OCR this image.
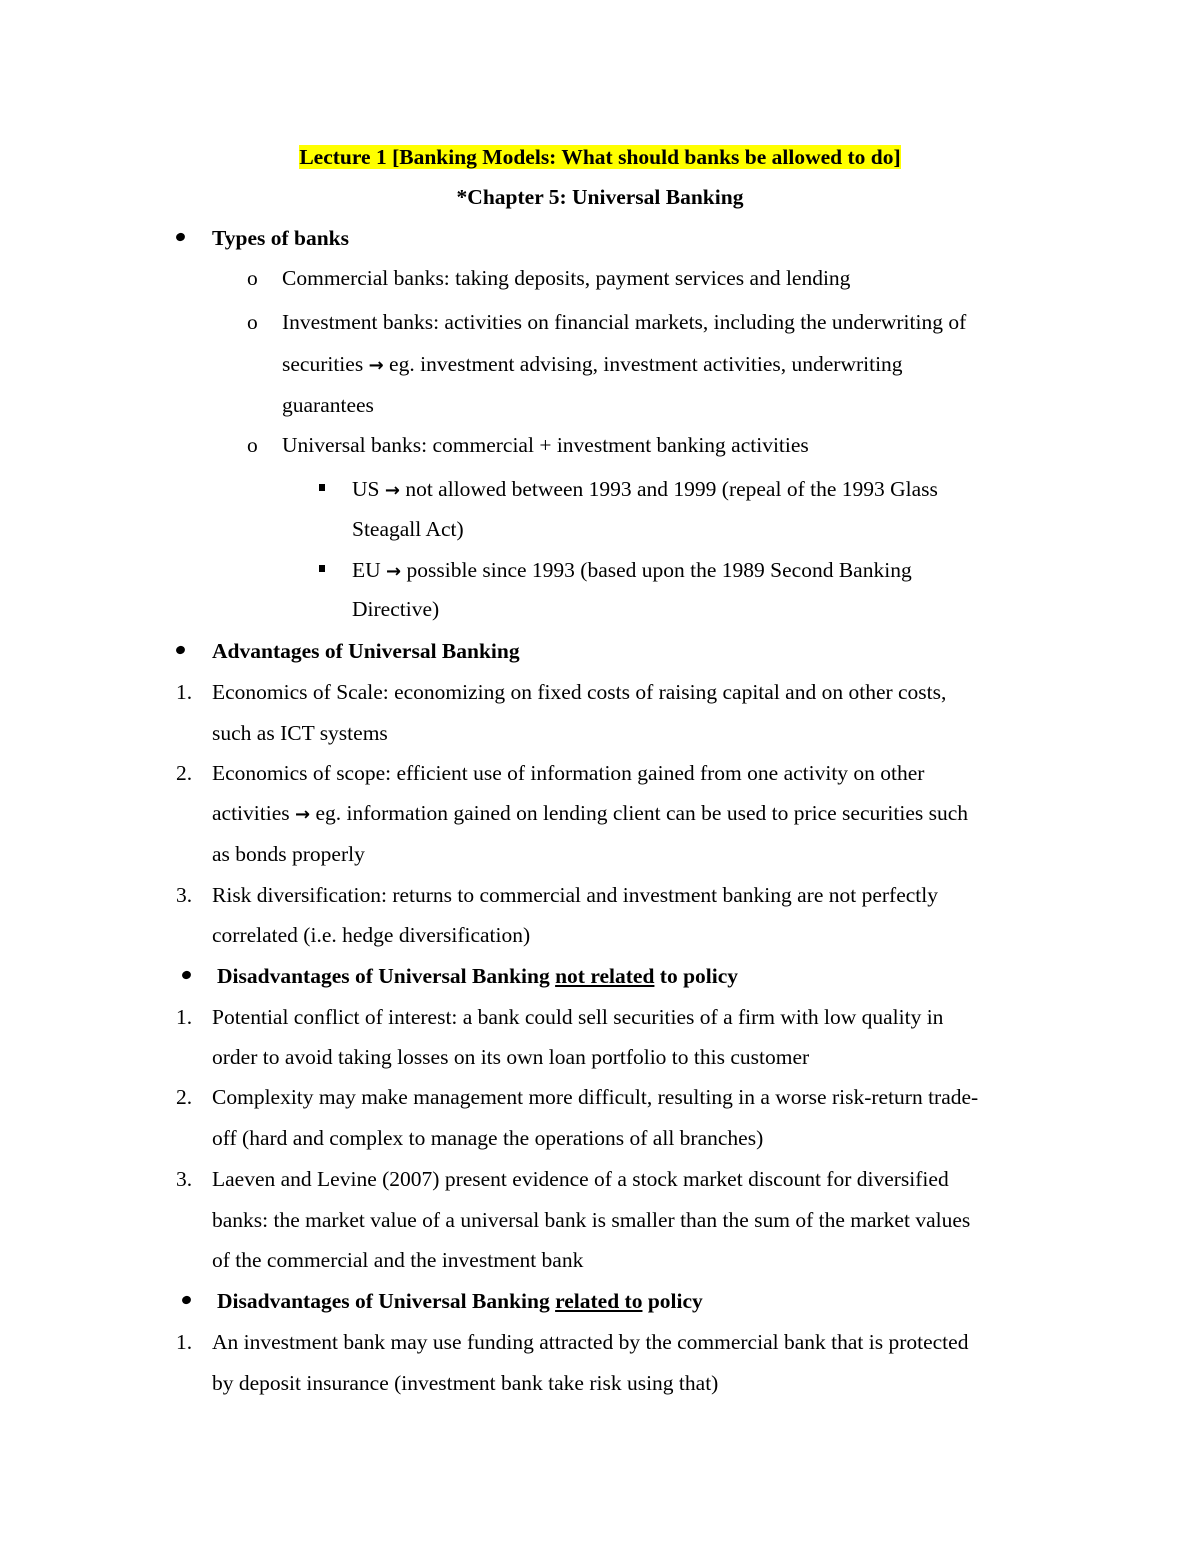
Lecture 1 [Banking Models: What should banks be allowed to do]
*Chapter 5: Universal Banking
Types of banks
o Commercial banks: taking deposits, payment services and lending
o Investment banks: activities on financial markets, including the underwriting of
securities → eg. investment advising, investment activities, underwriting
guarantees
o Universal banks: commercial + investment banking activities
US → not allowed between 1993 and 1999 (repeal of the 1993 Glass
Steagall Act)
EU → possible since 1993 (based upon the 1989 Second Banking
Directive)
Advantages of Universal Banking
1. Economics of Scale: economizing on fixed costs of raising capital and on other costs,
such as ICT systems
2. Economics of scope: efficient use of information gained from one activity on other
activities → eg. information gained on lending client can be used to price securities such
as bonds properly
3. Risk diversification: returns to commercial and investment banking are not perfectly
correlated (i.e. hedge diversification)
Disadvantages of Universal Banking not related to policy
1. Potential conflict of interest: a bank could sell securities of a firm with low quality in
order to avoid taking losses on its own loan portfolio to this customer
2. Complexity may make management more difficult, resulting in a worse risk-return trade-
off (hard and complex to manage the operations of all branches)
3. Laeven and Levine (2007) present evidence of a stock market discount for diversified
banks: the market value of a universal bank is smaller than the sum of the market values
of the commercial and the investment bank
Disadvantages of Universal Banking related to policy
1. An investment bank may use funding attracted by the commercial bank that is protected
by deposit insurance (investment bank take risk using that)
